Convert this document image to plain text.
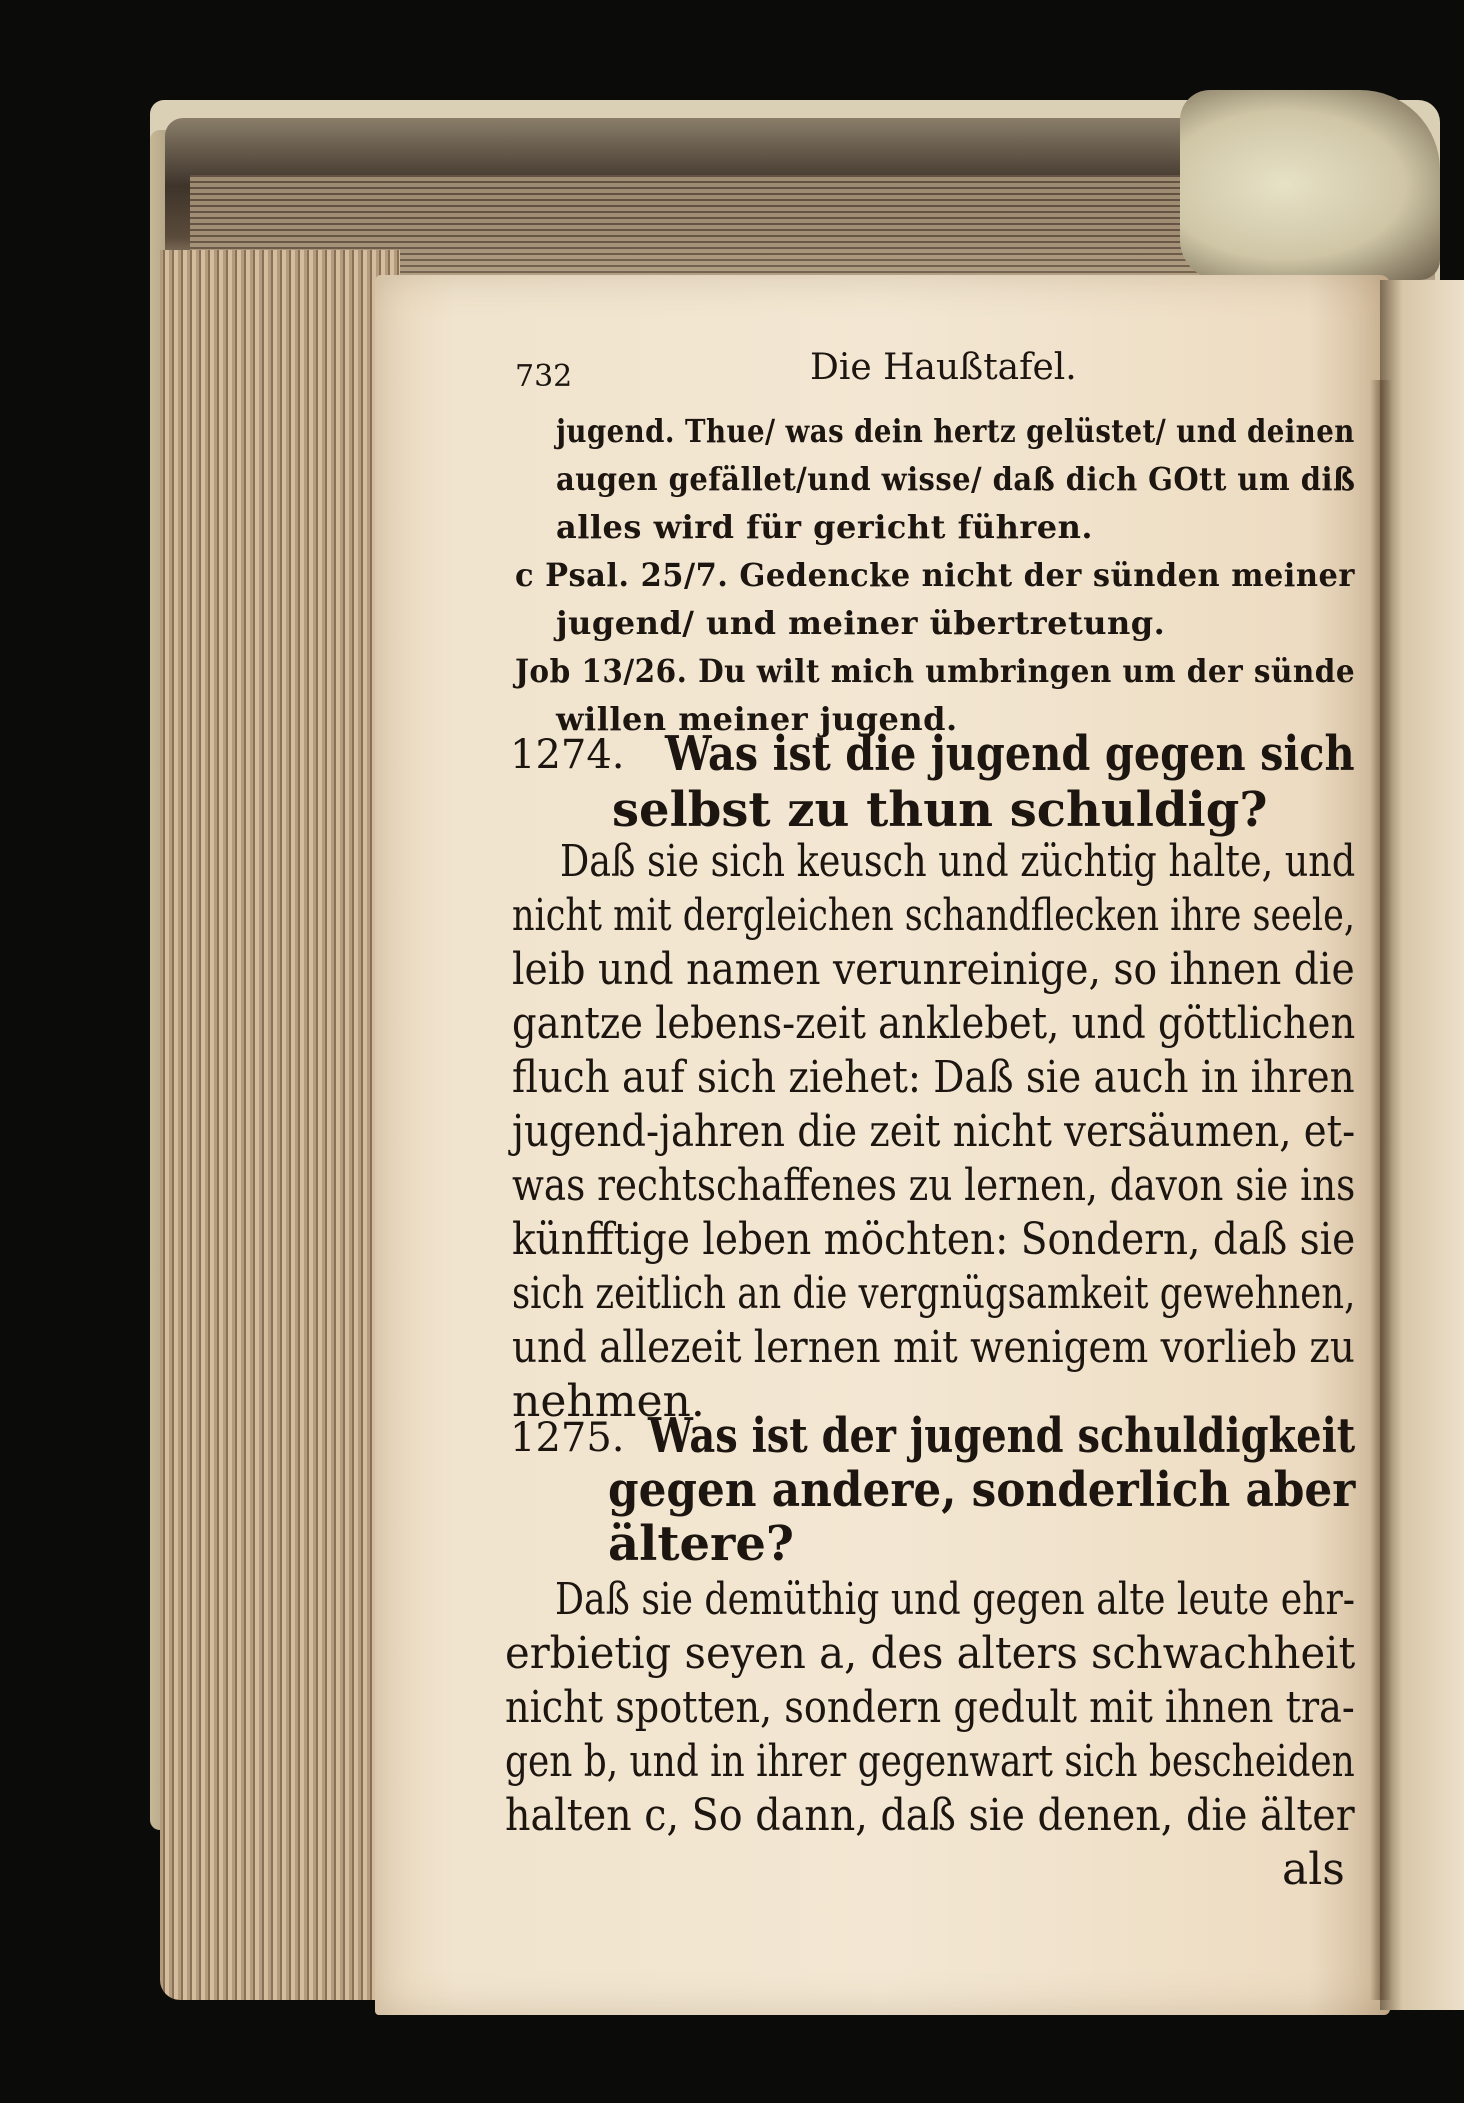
732	Die Haußtafel.
jugend. Thue/ was dein hertz gelüstet/ und deinen
augen gefället/und wisse/ daß dich GOtt um diß
alles wird für gericht führen.
c Psal. 25/7. Gedencke nicht der sünden meiner
jugend/ und meiner übertretung.
Job 13/26. Du wilt mich umbringen um der sünde
willen meiner jugend.
1274. Was ist die jugend gegen sich
selbst zu thun schuldig?
Daß sie sich keusch und züchtig halte, und
nicht mit dergleichen schandflecken ihre seele,
leib und namen verunreinige, so ihnen die
gantze lebens-zeit anklebet, und göttlichen
fluch auf sich ziehet: Daß sie auch in ihren
jugend-jahren die zeit nicht versäumen, et-
was rechtschaffenes zu lernen, davon sie ins
künfftige leben möchten: Sondern, daß sie
sich zeitlich an die vergnügsamkeit gewehnen,
und allezeit lernen mit wenigem vorlieb zu
nehmen.
1275. Was ist der jugend schuldigkeit
gegen andere, sonderlich aber
ältere?
Daß sie demüthig und gegen alte leute ehr-
erbietig seyen a, des alters schwachheit
nicht spotten, sondern gedult mit ihnen tra-
gen b, und in ihrer gegenwart sich bescheiden
halten c, So dann, daß sie denen, die älter
als
